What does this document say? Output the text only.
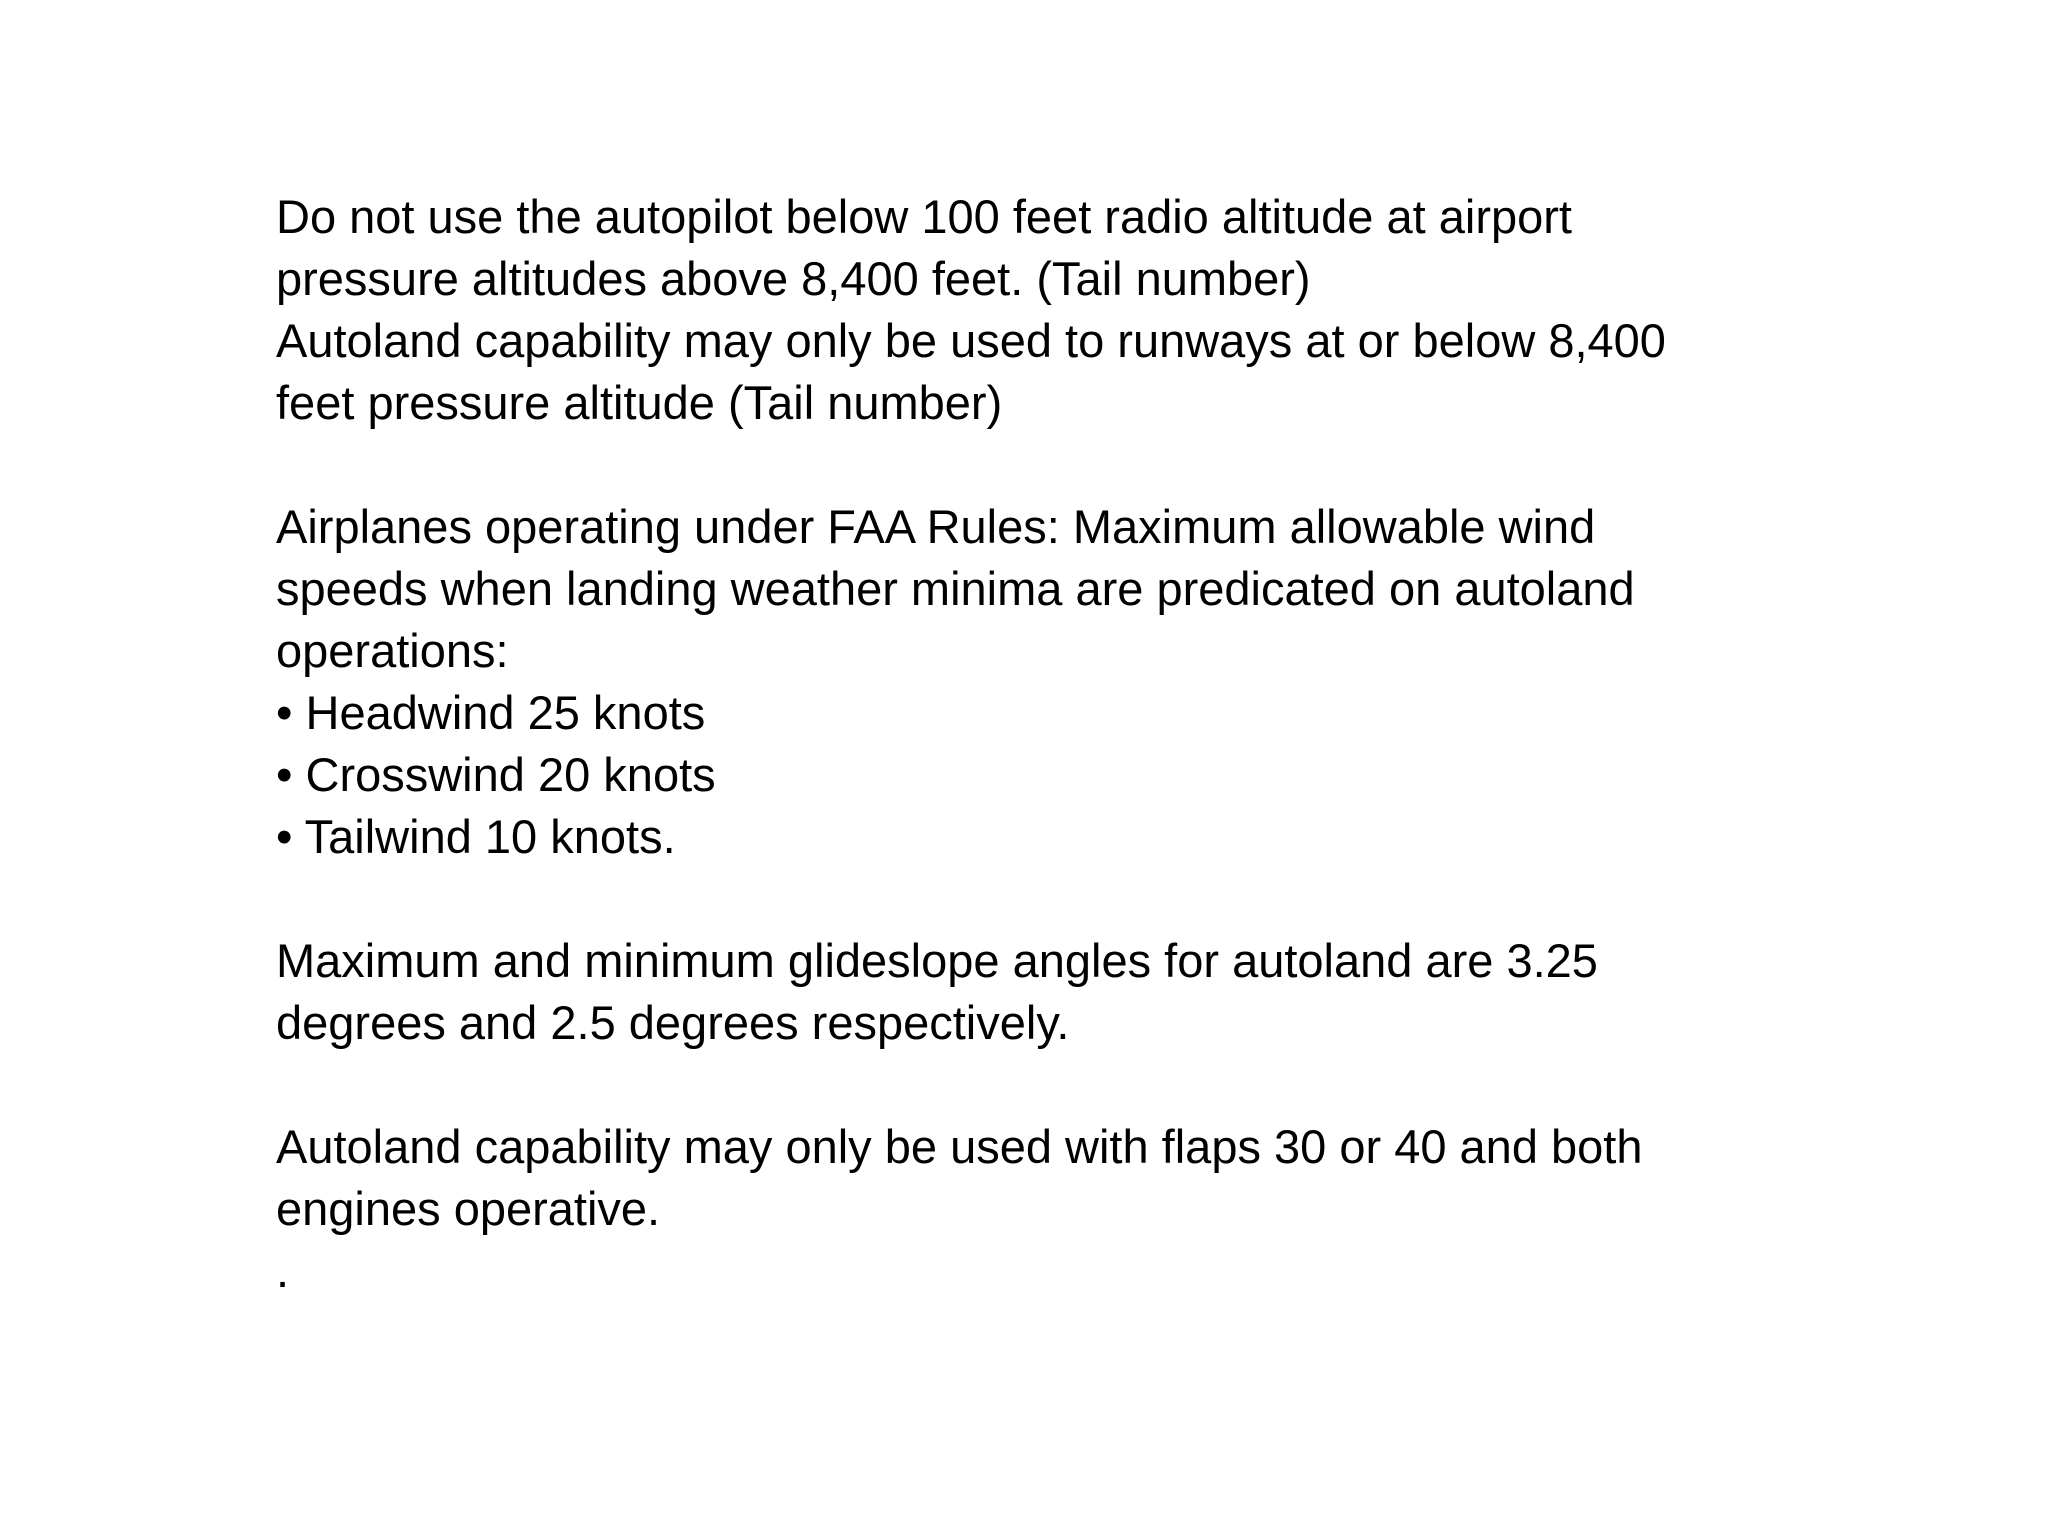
Do not use the autopilot below 100 feet radio altitude at airport
pressure altitudes above 8,400 feet. (Tail number)
Autoland capability may only be used to runways at or below 8,400
feet pressure altitude (Tail number)
Airplanes operating under FAA Rules: Maximum allowable wind
speeds when landing weather minima are predicated on autoland
operations:
• Headwind 25 knots
• Crosswind 20 knots
• Tailwind 10 knots.
Maximum and minimum glideslope angles for autoland are 3.25
degrees and 2.5 degrees respectively.
Autoland capability may only be used with flaps 30 or 40 and both
engines operative.
.
